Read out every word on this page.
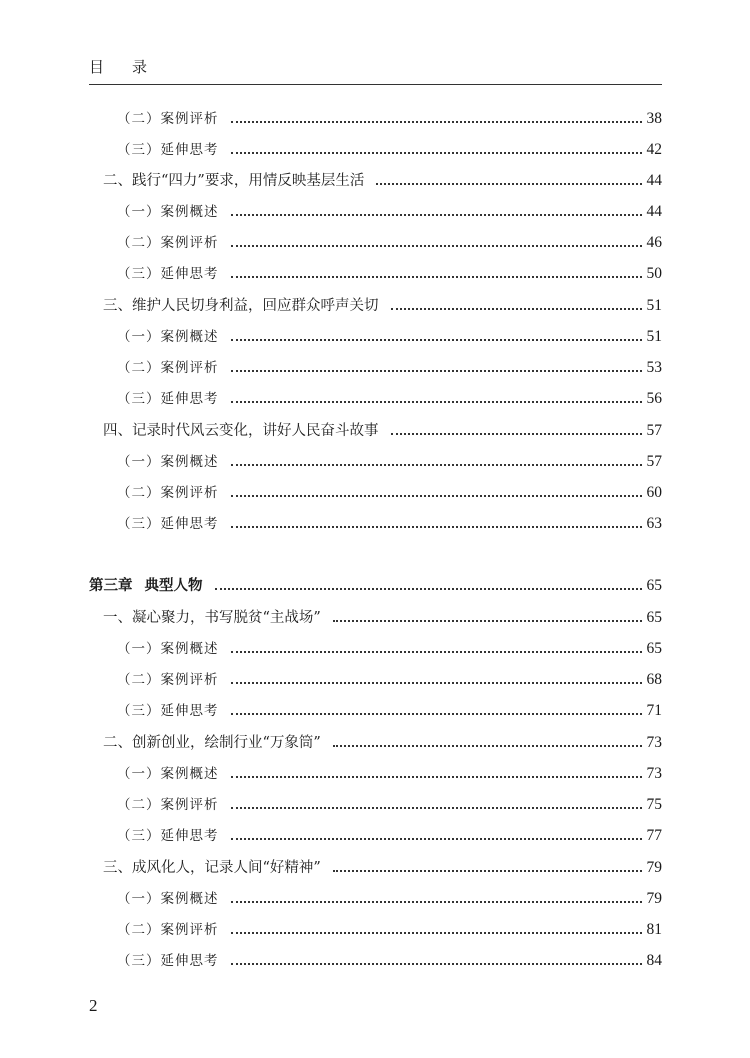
目 录
（二）案例评析	38
（三）延伸思考	42
二、践行“四力”要求，用情反映基层生活	44
（一）案例概述	44
（二）案例评析	46
（三）延伸思考	50
三、维护人民切身利益，回应群众呼声关切	51
（一）案例概述	51
（二）案例评析	53
（三）延伸思考	56
四、记录时代风云变化，讲好人民奋斗故事	57
（一）案例概述	57
（二）案例评析	60
（三）延伸思考	63
第三章 典型人物	65
一、凝心聚力，书写脱贫“主战场”	65
（一）案例概述	65
（二）案例评析	68
（三）延伸思考	71
二、创新创业，绘制行业“万象筒”	73
（一）案例概述	73
（二）案例评析	75
（三）延伸思考	77
三、成风化人，记录人间“好精神”	79
（一）案例概述	79
（二）案例评析	81
（三）延伸思考	84
2
